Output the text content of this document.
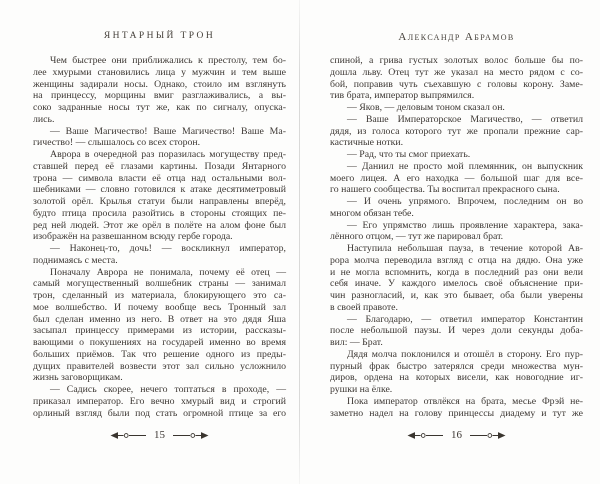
ЯНТАРНЫЙ ТРОН
Чем быстрее они приближались к престолу, тем бо-
лее хмурыми становились лица у мужчин и тем выше
женщины задирали носы. Однако, стоило им взглянуть
на принцессу, морщины вмиг разглаживались, а вы-
соко задранные носы тут же, как по сигналу, опуска-
лись.
— Ваше Магичество! Ваше Магичество! Ваше Ма-
гичество! — слышалось со всех сторон.
Аврора в очередной раз поразилась могуществу пред-
ставшей перед её глазами картины. Позади Янтарного
трона — символа власти её отца над остальными вол-
шебниками — словно готовился к атаке десятиметровый
золотой орёл. Крылья статуи были направлены вперёд,
будто птица просила разойтись в стороны стоящих пе-
ред ней людей. Этот же орёл в полёте на алом фоне был
изображён на развешанном всюду гербе города.
— Наконец-то, дочь! — воскликнул император,
поднимаясь с места.
Поначалу Аврора не понимала, почему её отец —
самый могущественный волшебник страны — занимал
трон, сделанный из материала, блокирующего это са-
мое волшебство. И почему вообще весь Тронный зал
был сделан именно из него. В ответ на это дядя Яша
засыпал принцессу примерами из истории, рассказы-
вающими о покушениях на государей именно во время
больших приёмов. Так что решение одного из преды-
дущих правителей возвести этот зал сильно усложнило
жизнь заговорщикам.
— Садись скорее, нечего топтаться в проходе, —
приказал император. Его вечно хмурый вид и строгий
орлиный взгляд были под стать огромной птице за его
15
Александр Абрамов
спиной, а грива густых золотых волос больше бы по-
дошла льву. Отец тут же указал на место рядом с со-
бой, поправив чуть съехавшую с головы корону. Заме-
тив брата, император выпрямился.
— Яков, — деловым тоном сказал он.
— Ваше Императорское Магичество, — ответил
дядя, из голоса которого тут же пропали прежние сар-
кастичные нотки.
— Рад, что ты смог приехать.
— Даниил не просто мой племянник, он выпускник
моего лицея. А его находка — большой шаг для все-
го нашего сообщества. Ты воспитал прекрасного сына.
— И очень упрямого. Впрочем, последним он во
многом обязан тебе.
— Его упрямство лишь проявление характера, зака-
лённого отцом, — тут же парировал брат.
Наступила небольшая пауза, в течение которой Ав-
рора молча переводила взгляд с отца на дядю. Она уже
и не могла вспомнить, когда в последний раз они вели
себя иначе. У каждого имелось своё объяснение при-
чин разногласий, и, как это бывает, оба были уверены
в своей правоте.
— Благодарю, — ответил император Константин
после небольшой паузы. И через доли секунды доба-
вил: — Брат.
Дядя молча поклонился и отошёл в сторону. Его пур-
пурный фрак быстро затерялся среди множества мун-
диров, ордена на которых висели, как новогодние иг-
рушки на ёлке.
Пока император отвлёкся на брата, месье Фрэй не-
заметно надел на голову принцессы диадему и тут же
16
